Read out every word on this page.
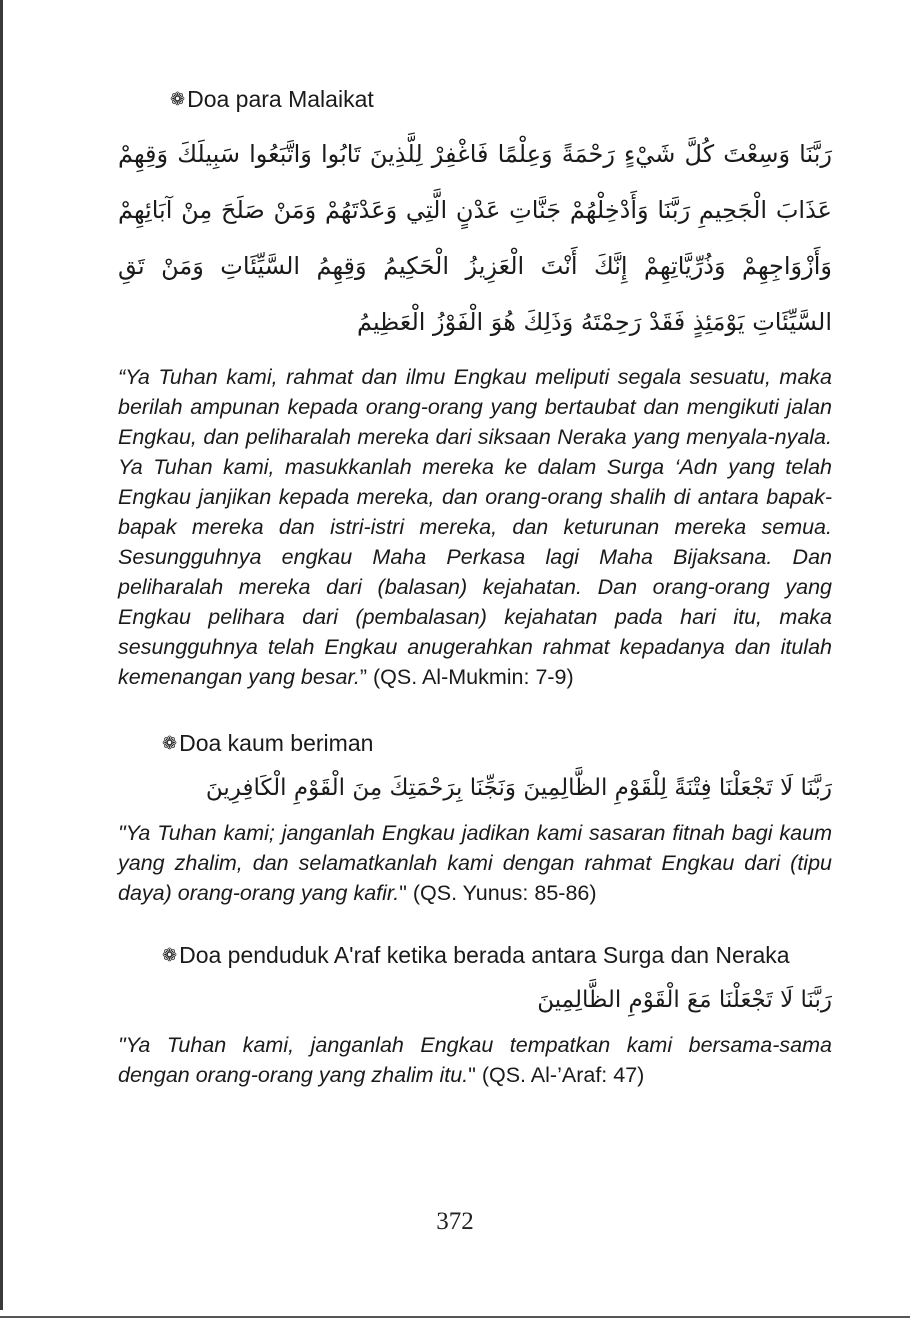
❁ Doa para Malaikat
رَبَّنَا وَسِعْتَ كُلَّ شَيْءٍ رَحْمَةً وَعِلْمًا فَاغْفِرْ لِلَّذِينَ تَابُوا وَاتَّبَعُوا سَبِيلَكَ وَقِهِمْ عَذَابَ الْجَحِيمِ رَبَّنَا وَأَدْخِلْهُمْ جَنَّاتِ عَدْنٍ الَّتِي وَعَدْتَهُمْ وَمَنْ صَلَحَ مِنْ آبَائِهِمْ وَأَزْوَاجِهِمْ وَذُرِّيَّاتِهِمْ إِنَّكَ أَنْتَ الْعَزِيزُ الْحَكِيمُ وَقِهِمُ السَّيِّئَاتِ وَمَنْ تَقِ السَّيِّئَاتِ يَوْمَئِذٍ فَقَدْ رَحِمْتَهُ وَذَلِكَ هُوَ الْفَوْزُ الْعَظِيمُ
“Ya Tuhan kami, rahmat dan ilmu Engkau meliputi segala sesuatu, maka berilah ampunan kepada orang-orang yang bertaubat dan mengikuti jalan Engkau, dan peliharalah mereka dari siksaan Neraka yang menyala-nyala. Ya Tuhan kami, masukkanlah mereka ke dalam Surga ‘Adn yang telah Engkau janjikan kepada mereka, dan orang-orang shalih di antara bapak-bapak mereka dan istri-istri mereka, dan keturunan mereka semua. Sesungguhnya engkau Maha Perkasa lagi Maha Bijaksana. Dan peliharalah mereka dari (balasan) kejahatan. Dan orang-orang yang Engkau pelihara dari (pembalasan) kejahatan pada hari itu, maka sesungguhnya telah Engkau anugerahkan rahmat kepadanya dan itulah kemenangan yang besar.” (QS. Al-Mukmin: 7-9)
❁ Doa kaum beriman
رَبَّنَا لَا تَجْعَلْنَا فِتْنَةً لِلْقَوْمِ الظَّالِمِينَ وَنَجِّنَا بِرَحْمَتِكَ مِنَ الْقَوْمِ الْكَافِرِينَ
"Ya Tuhan kami; janganlah Engkau jadikan kami sasaran fitnah bagi kaum yang zhalim, dan selamatkanlah kami dengan rahmat Engkau dari (tipu daya) orang-orang yang kafir." (QS. Yunus: 85-86)
❁ Doa penduduk A'raf ketika berada antara Surga dan Neraka
رَبَّنَا لَا تَجْعَلْنَا مَعَ الْقَوْمِ الظَّالِمِينَ
"Ya Tuhan kami, janganlah Engkau tempatkan kami bersama-sama dengan orang-orang yang zhalim itu." (QS. Al-’Araf: 47)
372
